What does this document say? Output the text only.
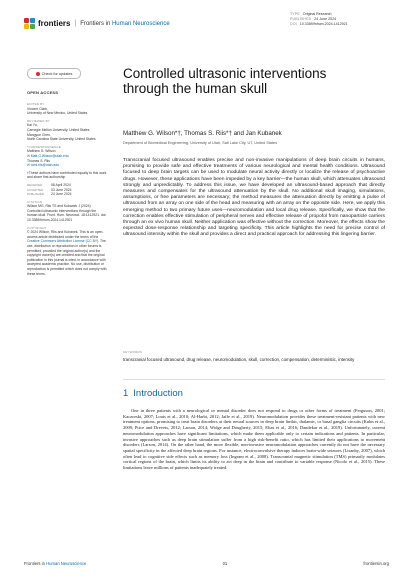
frontiers | Frontiers in Human Neuroscience
TYPE Original Research
PUBLISHED 24 June 2024
DOI 10.3389/fnhum.2024.1412921
Check for updates
OPEN ACCESS
EDITED BY
Vincent Clark,
University of New Mexico, United States
REVIEWED BY
Kai Yu,
Carnegie Mellon University, United States
Mangyue Chen,
North Carolina State University, United States
*CORRESPONDENCE
Matthew G. Wilson
✉ Matt.G.Wilson@utah.edu
Thomas S. Riis
✉ tomi.riis@utah.edu
†These authors have contributed equally to this work and share first authorship
RECEIVED	08 April 2024
ACCEPTED	03 June 2024
PUBLISHED	24 June 2024
CITATION
Wilson MG, Riis TS and Kubanek J (2024) Controlled ultrasonic interventions through the human skull. Front. Hum. Neurosci. 18:1412921. doi: 10.3389/fnhum.2024.1412921
COPYRIGHT
© 2024 Wilson, Riis and Kubanek. This is an open-access article distributed under the terms of the Creative Commons Attribution License (CC BY). The use, distribution or reproduction in other forums is permitted, provided the original author(s) and the copyright owner(s) are credited and that the original publication in this journal is cited, in accordance with accepted academic practice. No use, distribution or reproduction is permitted which does not comply with these terms.
Controlled ultrasonic interventions through the human skull
Matthew G. Wilson*†, Thomas S. Riis*† and Jan Kubanek
Department of Biomedical Engineering, University of Utah, Salt Lake City, UT, United States
Transcranial focused ultrasound enables precise and non-invasive manipulations of deep brain circuits in humans, promising to provide safe and effective treatments of various neurological and mental health conditions. Ultrasound focused to deep brain targets can be used to modulate neural activity directly or localize the release of psychoactive drugs. However, these applications have been impeded by a key barrier—the human skull, which attenuates ultrasound strongly and unpredictably. To address this issue, we have developed an ultrasound-based approach that directly measures and compensates for the ultrasound attenuation by the skull. No additional skull imaging, simulations, assumptions, or free parameters are necessary; the method measures the attenuation directly by emitting a pulse of ultrasound from an array on one side of the head and measuring with an array on the opposite side. Here, we apply this emerging method to two primary future uses—neuromodulation and local drug release. Specifically, we show that the correction enables effective stimulation of peripheral nerves and effective release of propofol from nanoparticle carriers through an ex vivo human skull. Neither application was effective without the correction. Moreover, the effects show the expected dose-response relationship and targeting specificity. This article highlights the need for precise control of ultrasound intensity within the skull and provides a direct and practical approach for addressing this lingering barrier.
KEYWORDS
transcranial focused ultrasound, drug release, neuromodulation, skull, correction, compensation, deterministic, intensity
1 Introduction
One in three patients with a neurological or mental disorder does not respond to drugs or other forms of treatment (Ferguson, 2001; Kaczorski, 2007; Louis et al., 2010; Al-Harbi, 2012; Jaffe et al., 2019). Neuromodulation provides these treatment-resistant patients with new treatment options, promising to treat brain disorders at their neural sources in deep brain limbic, thalamic, or basal ganglia circuits (Kuhn et al., 2009; Price and Drevets, 2012; Larson, 2014; Widge and Dougherty, 2015; Elias et al., 2016; Dandekar et al., 2019). Unfortunately, current neuromodulation approaches have significant limitations, which make them applicable only to certain indications and patients. In particular, invasive approaches such as deep brain stimulation suffer from a high risk-benefit ratio, which has limited their applications to movement disorders (Larson, 2014). On the other hand, the more flexible, non-invasive neuromodulation approaches currently do not have the necessary spatial specificity in the affected deep brain regions. For instance, electroconvulsive therapy induces brain-wide seizures (Lisanby, 2007), which often lead to cognitive side effects such as memory loss (Ingram et al., 2008). Transcranial magnetic stimulation (TMS) primarily modulates cortical regions of the brain, which limits its ability to act deep in the brain and contribute to variable response (Nicolo et al., 2015). These limitations leave millions of patients inadequately treated.
Frontiers in Human Neuroscience	01	frontiersin.org
